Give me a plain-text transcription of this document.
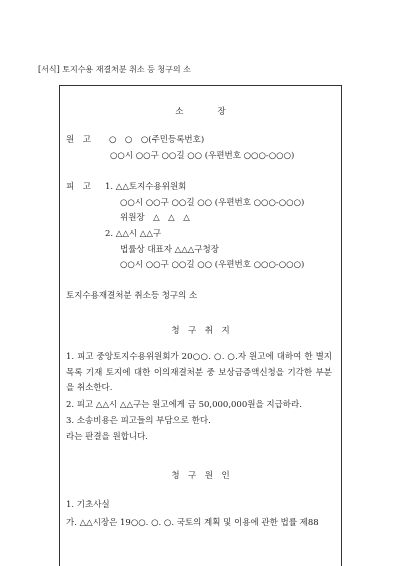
[서식] 토지수용 재결처분 취소 등 청구의 소
소　　　　장
원　고 ○　○　○(주민등록번호)
○○시 ○○구 ○○길 ○○ (우편번호 ○○○-○○○)
피　고 1. △△토지수용위원회
○○시 ○○구 ○○길 ○○ (우편번호 ○○○-○○○)
위원장　△　△　△
2. △△시 △△구
법률상 대표자 △△△구청장
○○시 ○○구 ○○길 ○○ (우편번호 ○○○-○○○)
토지수용재결처분 취소등 청구의 소
청　구　취　지
1. 피고 중앙토지수용위원회가 20○○. ○. ○.자 원고에 대하여 한 별지 목록 기재 토지에 대한 이의재결처분 중 보상금증액신청을 기각한 부분을 취소한다.
2. 피고 △△시 △△구는 원고에게 금 50,000,000원을 지급하라.
3. 소송비용은 피고들의 부담으로 한다.
라는 판결을 원합니다.
청　구　원　인
1. 기초사실
가. △△시장은 19○○. ○. ○. 국토의 계획 및 이용에 관한 법률 제88
